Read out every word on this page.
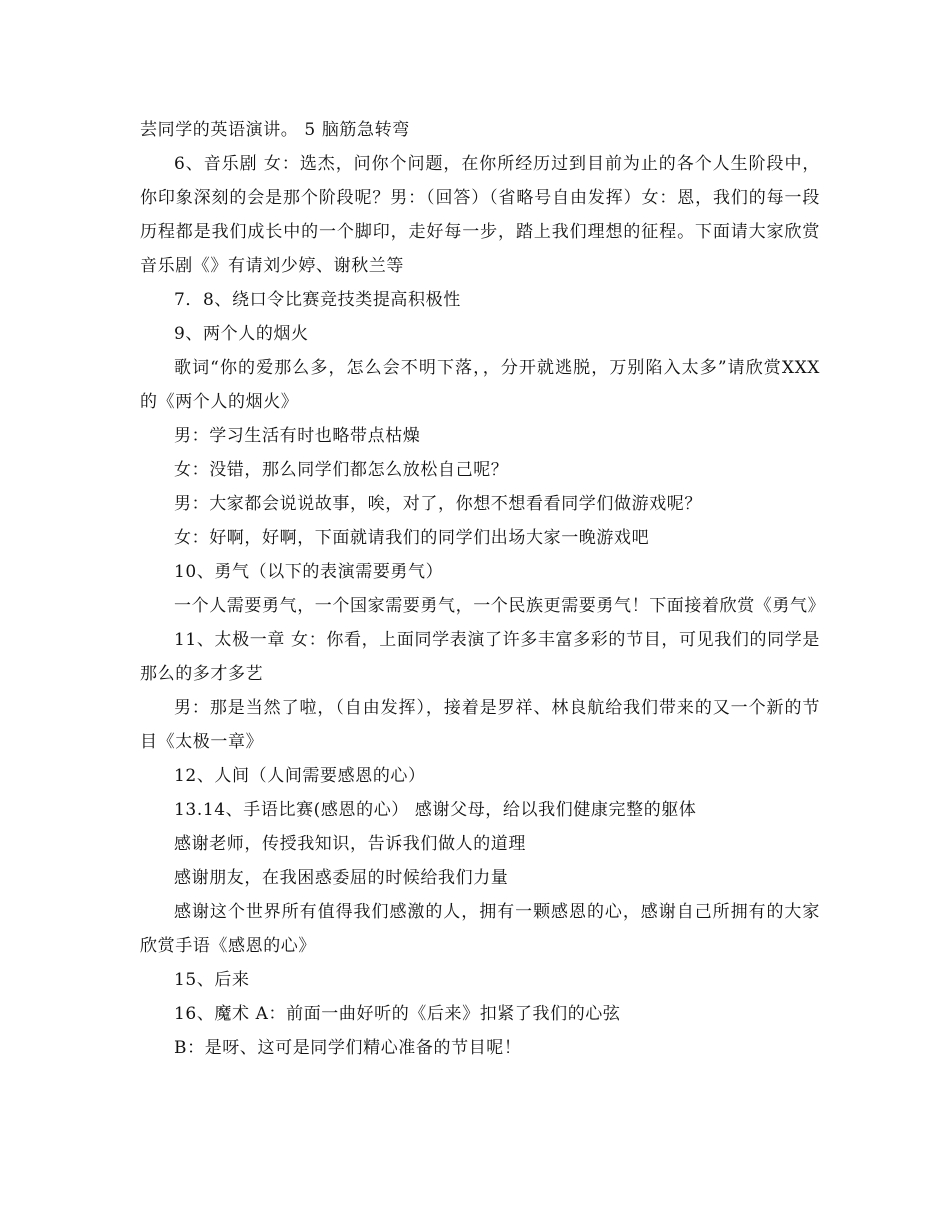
芸同学的英语演讲。 5 脑筋急转弯

6、音乐剧 女：选杰，问你个问题，在你所经历过到目前为止的各个人生阶段中，你印象深刻的会是那个阶段呢？男：（回答）（省略号自由发挥）女：恩，我们的每一段历程都是我们成长中的一个脚印，走好每一步，踏上我们理想的征程。下面请大家欣赏音乐剧《》有请刘少婷、谢秋兰等

7．8、绕口令比赛竞技类提高积极性

9、两个人的烟火

歌词“你的爱那么多，怎么会不明下落，，分开就逃脱，万别陷入太多”请欣赏XXX的《两个人的烟火》

男：学习生活有时也略带点枯燥

女：没错，那么同学们都怎么放松自己呢？

男：大家都会说说故事，唉，对了，你想不想看看同学们做游戏呢？

女：好啊，好啊，下面就请我们的同学们出场大家一晚游戏吧

10、勇气（以下的表演需要勇气）

一个人需要勇气，一个国家需要勇气，一个民族更需要勇气！下面接着欣赏《勇气》

11、太极一章 女：你看，上面同学表演了许多丰富多彩的节目，可见我们的同学是那么的多才多艺

男：那是当然了啦，（自由发挥），接着是罗祥、林良航给我们带来的又一个新的节目《太极一章》

12、人间（人间需要感恩的心）

13.14、手语比赛(感恩的心） 感谢父母，给以我们健康完整的躯体

感谢老师，传授我知识，告诉我们做人的道理

感谢朋友，在我困惑委屈的时候给我们力量

感谢这个世界所有值得我们感激的人，拥有一颗感恩的心，感谢自己所拥有的大家欣赏手语《感恩的心》

15、后来

16、魔术 A：前面一曲好听的《后来》扣紧了我们的心弦

B：是呀、这可是同学们精心准备的节目呢！
